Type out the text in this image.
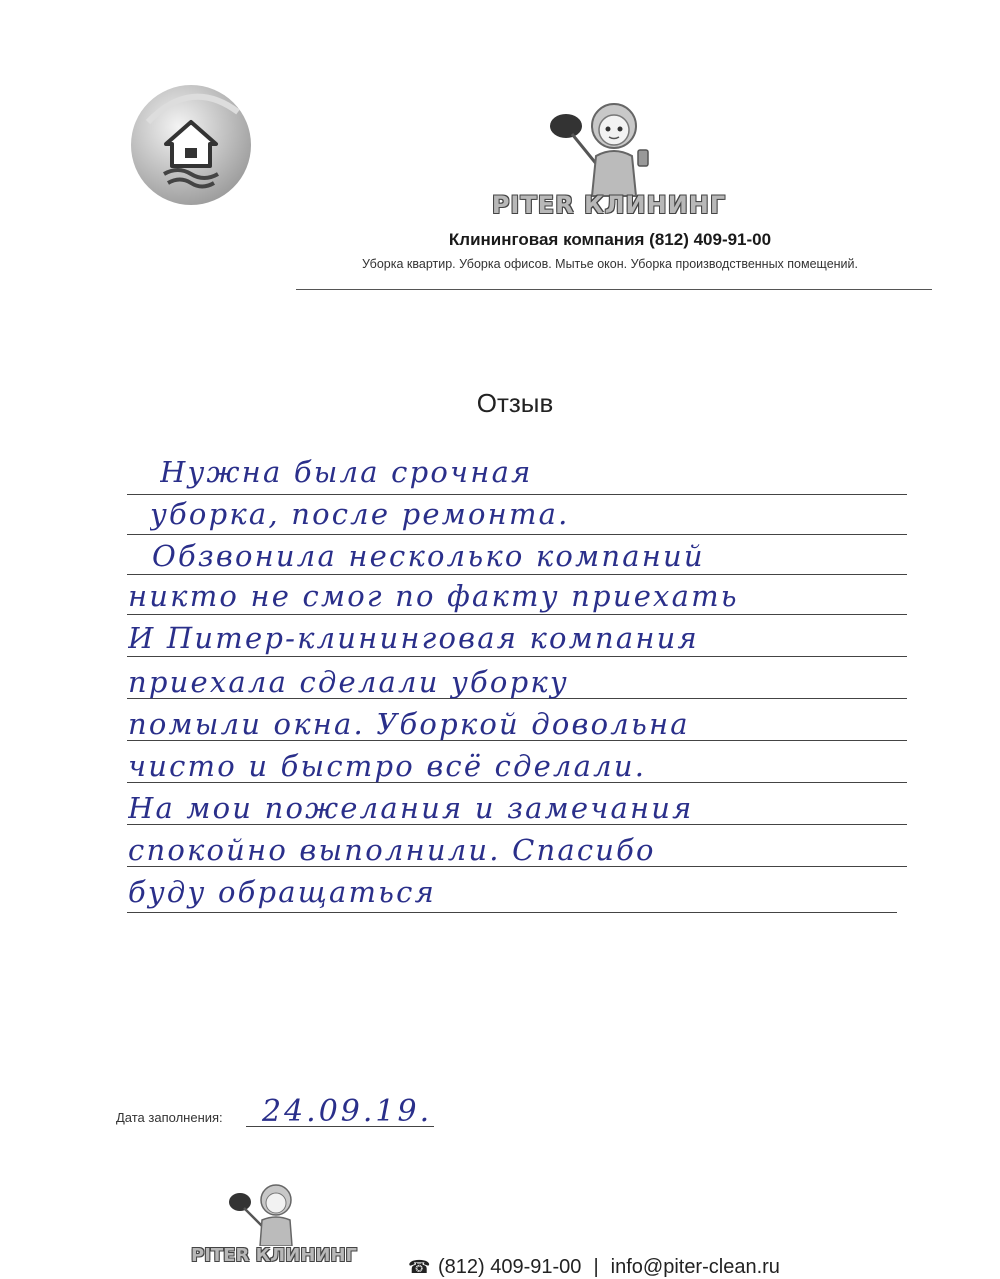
PITER КЛИНИНГ
Клининговая компания (812) 409-91-00
Уборка квартир. Уборка офисов. Мытье окон. Уборка производственных помещений.
Отзыв
Нужна была срочная
уборка, после ремонта.
Обзвонила несколько компаний
никто не смог по факту приехать
И Питер-клининговая компания
приехала сделали уборку
помыли окна. Уборкой довольна
чисто и быстро всё сделали.
На мои пожелания и замечания
спокойно выполнили. Спасибо
буду обращаться
Дата заполнения: 24.09.19.
PITER КЛИНИНГ
☎ (812) 409-91-00 | info@piter-clean.ru
